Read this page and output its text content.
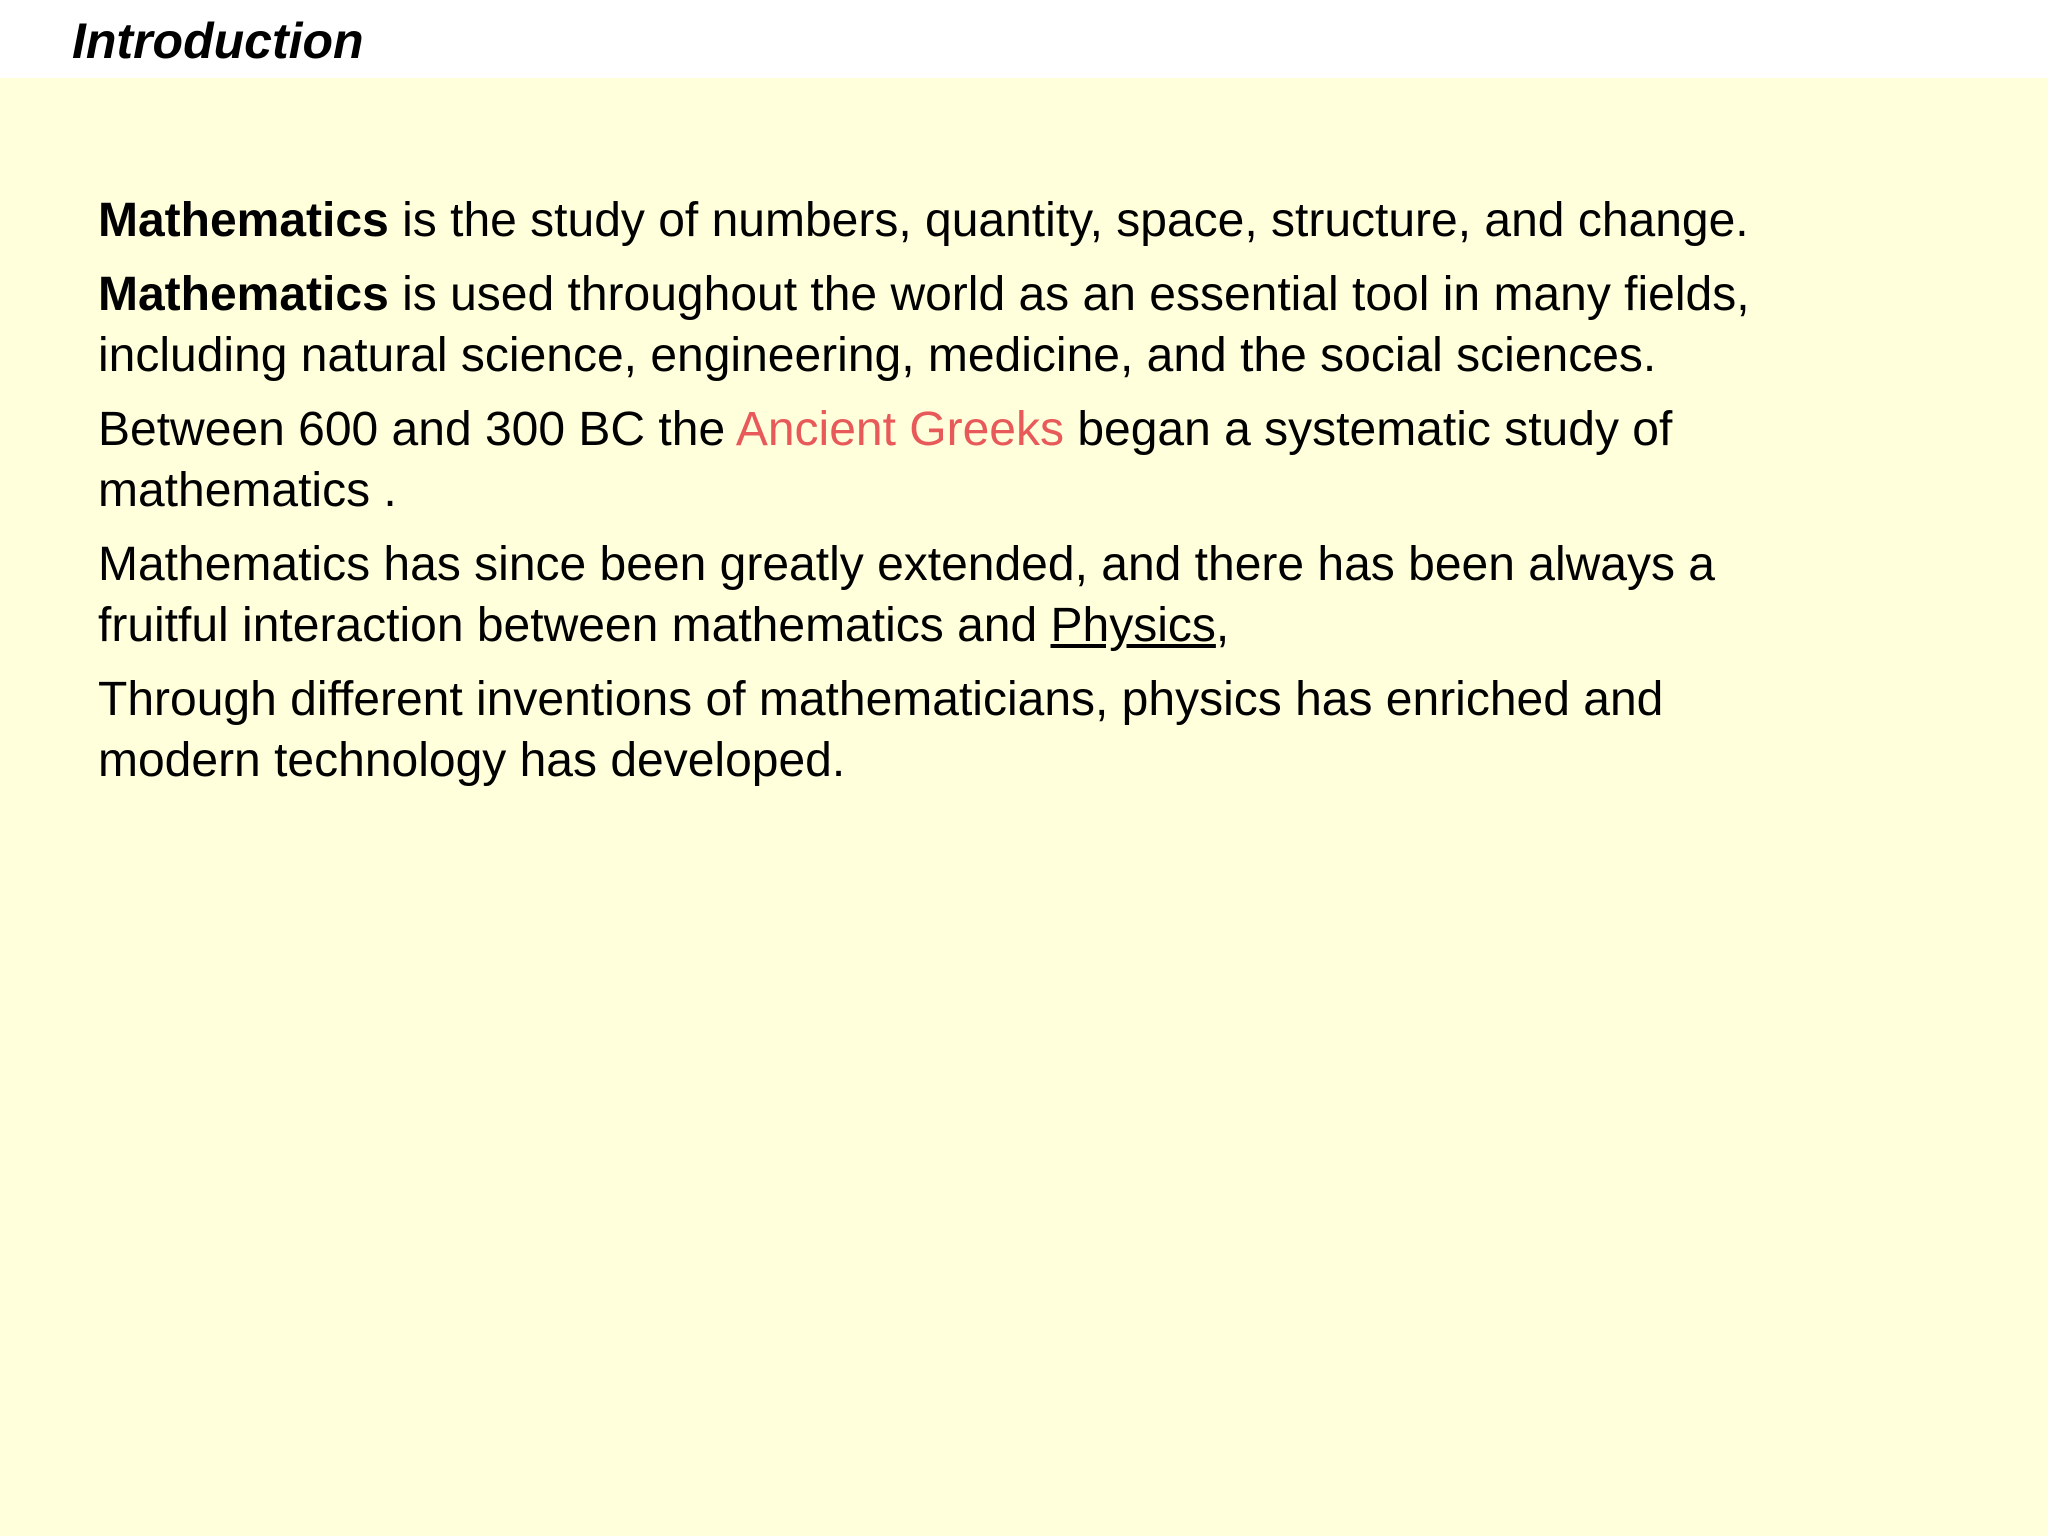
Introduction

Mathematics is the study of numbers, quantity, space, structure, and change.

Mathematics is used throughout the world as an essential tool in many fields,
including natural science, engineering, medicine, and the social sciences.

Between 600 and 300 BC the Ancient Greeks began a systematic study of
mathematics .

Mathematics has since been greatly extended, and there has been always a
fruitful interaction between mathematics and Physics,

Through different inventions of mathematicians, physics has enriched and
modern technology has developed.
